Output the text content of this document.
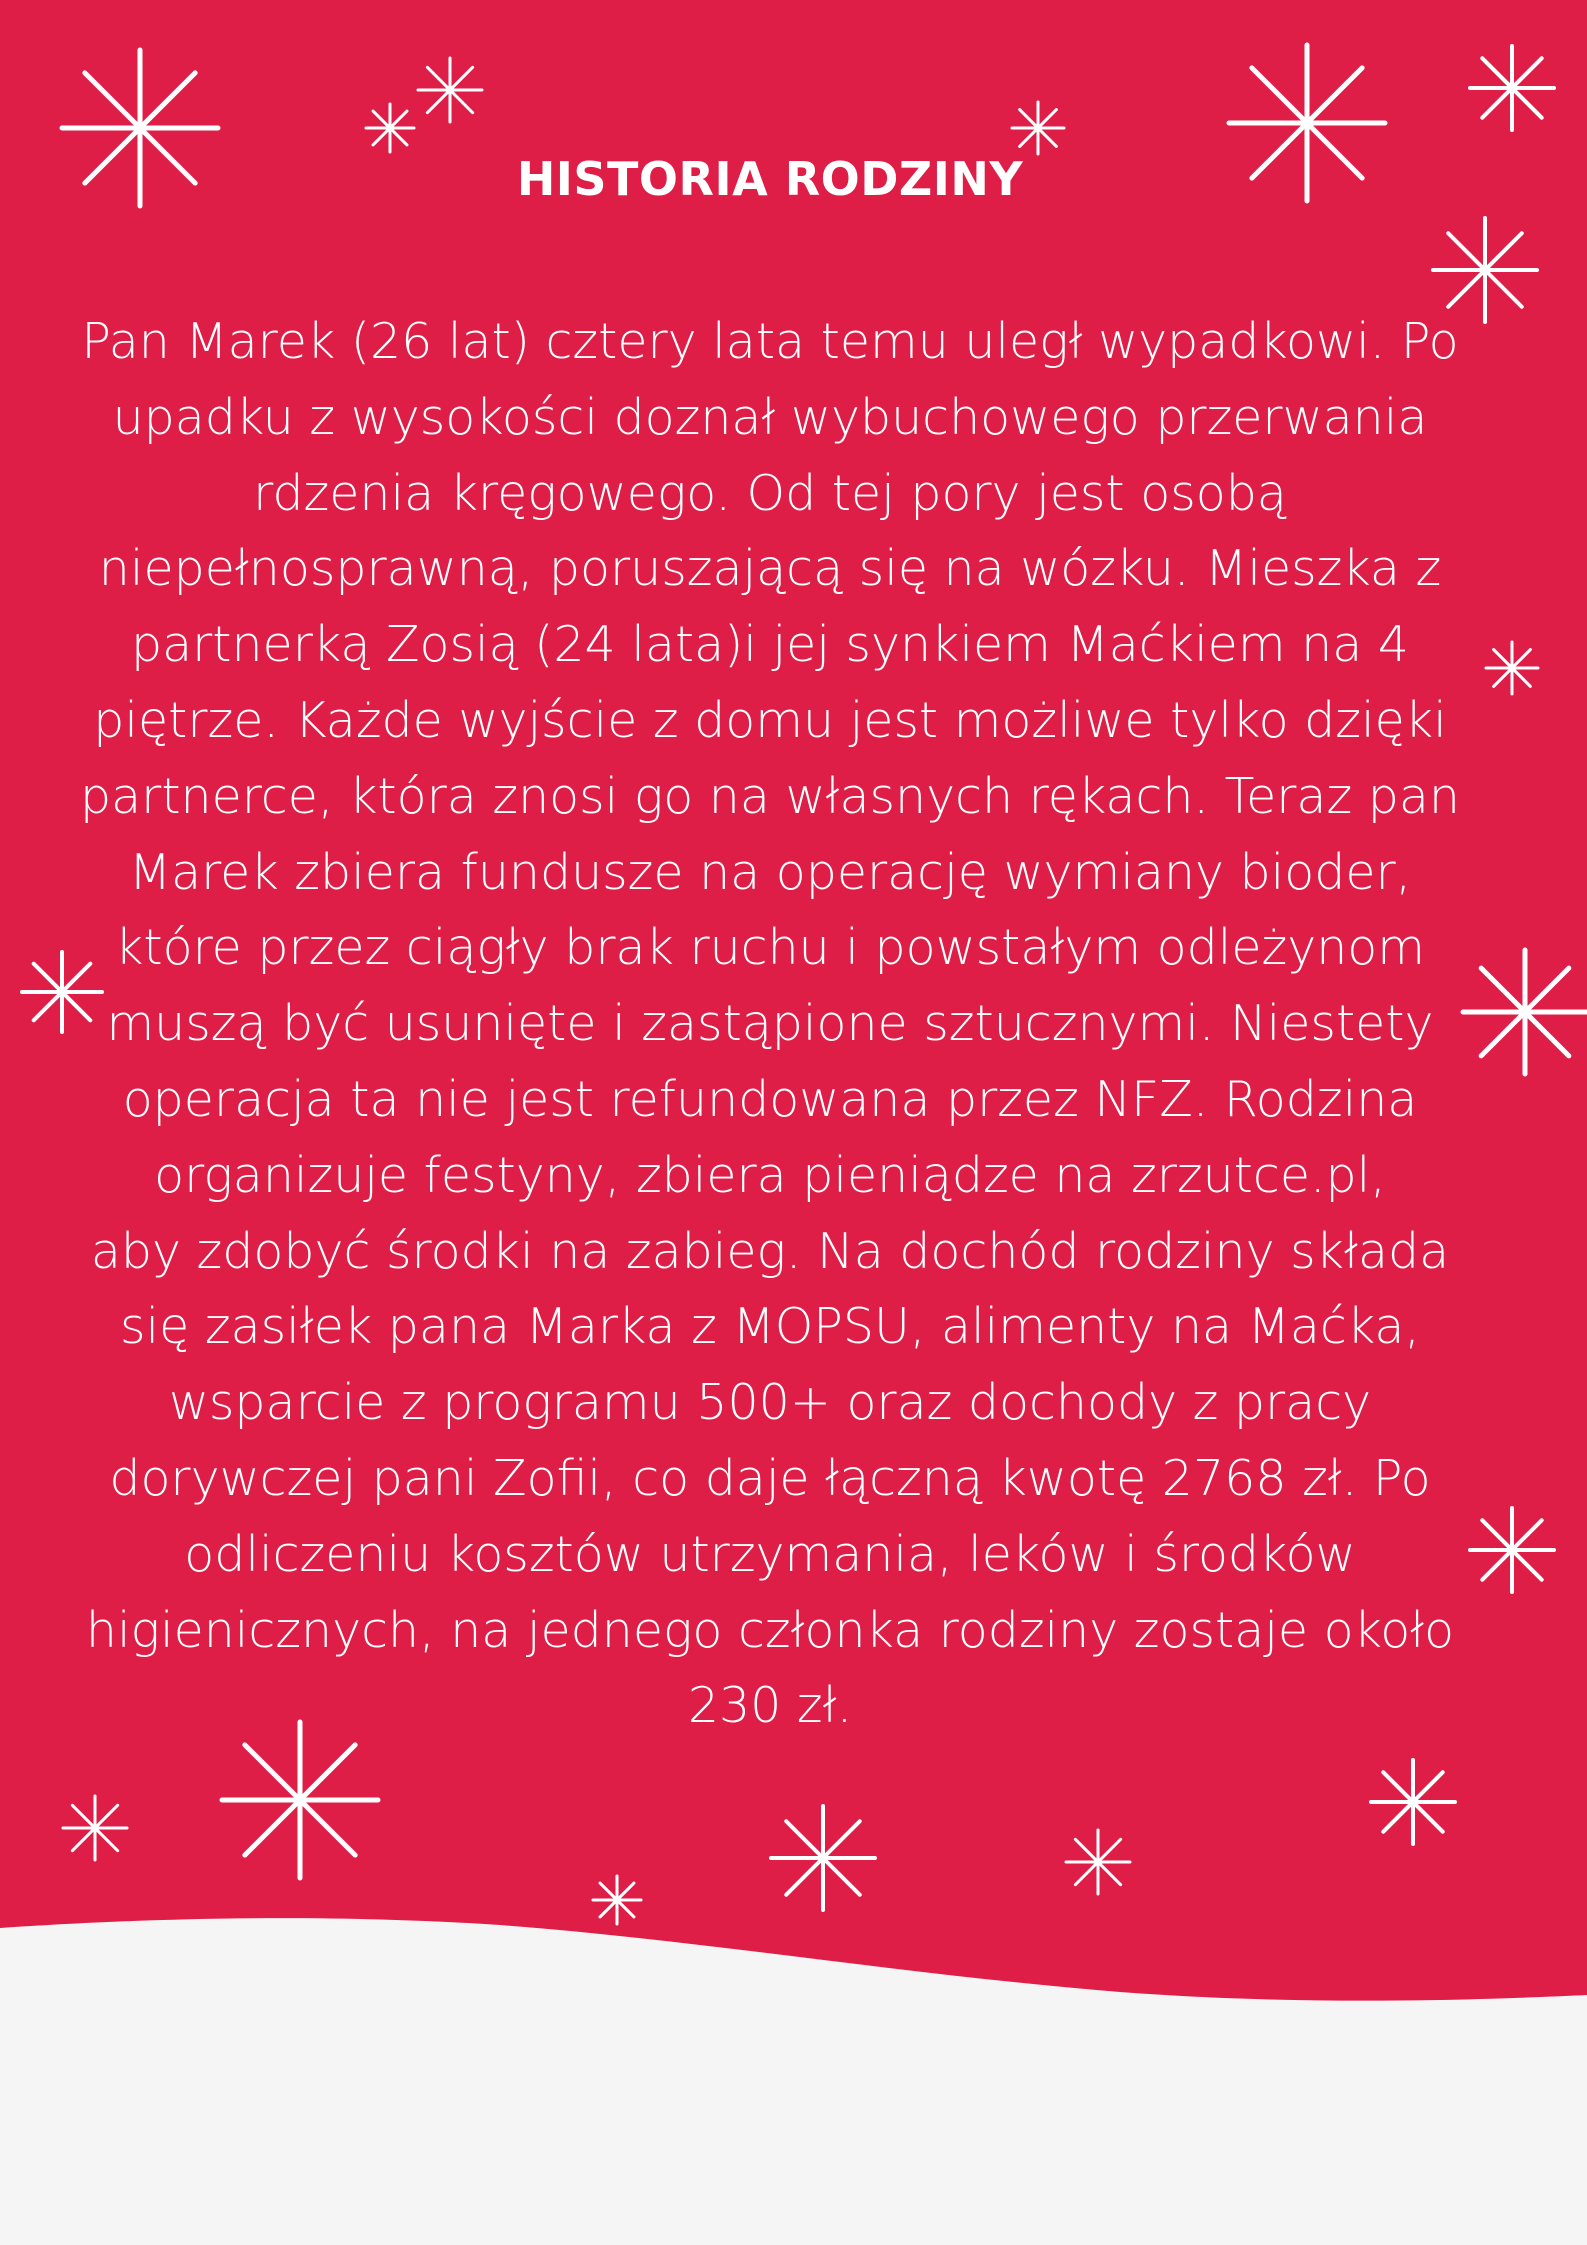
HISTORIA RODZINY

Pan Marek (26 lat) cztery lata temu uległ wypadkowi. Po
upadku z wysokości doznał wybuchowego przerwania
rdzenia kręgowego. Od tej pory jest osobą
niepełnosprawną, poruszającą się na wózku. Mieszka z
partnerką Zosią (24 lata)i jej synkiem Maćkiem na 4
piętrze. Każde wyjście z domu jest możliwe tylko dzięki
partnerce, która znosi go na własnych rękach. Teraz pan
Marek zbiera fundusze na operację wymiany bioder,
które przez ciągły brak ruchu i powstałym odleżynom
muszą być usunięte i zastąpione sztucznymi. Niestety
operacja ta nie jest refundowana przez NFZ. Rodzina
organizuje festyny, zbiera pieniądze na zrzutce.pl,
aby zdobyć środki na zabieg. Na dochód rodziny składa
się zasiłek pana Marka z MOPSU, alimenty na Maćka,
wsparcie z programu 500+ oraz dochody z pracy
dorywczej pani Zofii, co daje łączną kwotę 2768 zł. Po
odliczeniu kosztów utrzymania, leków i środków
higienicznych, na jednego członka rodziny zostaje około
230 zł.
